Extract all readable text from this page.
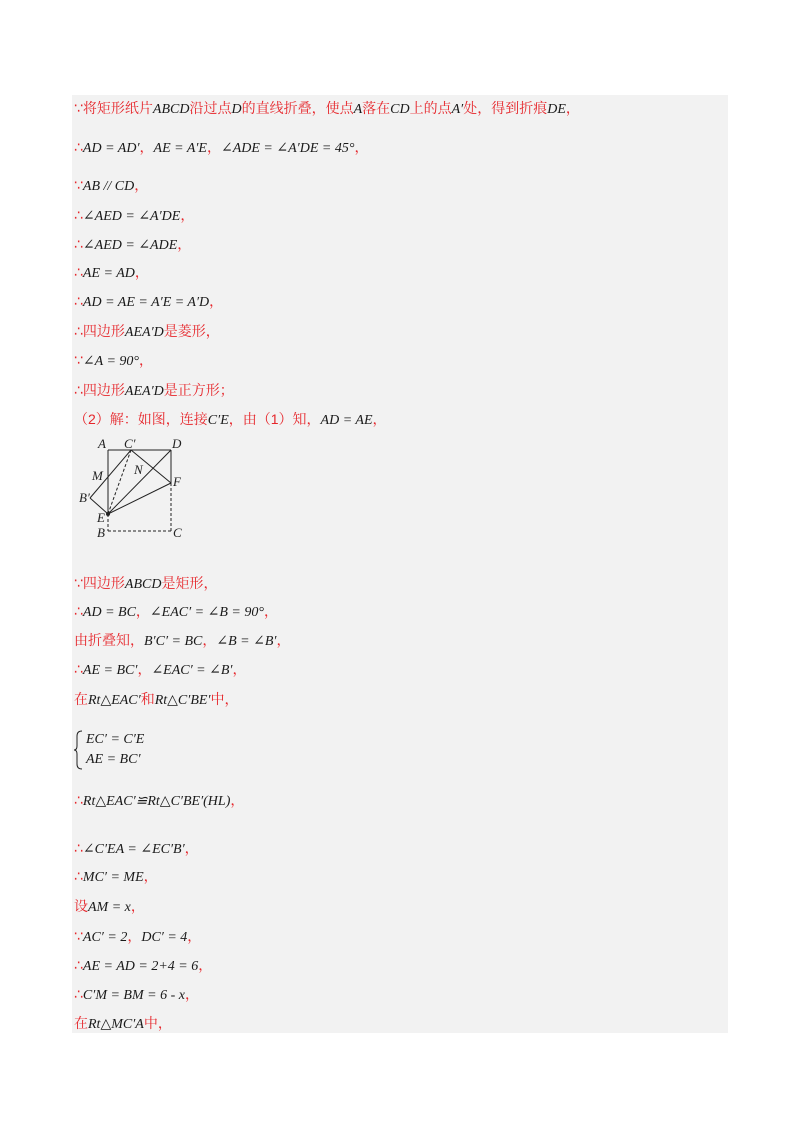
∵将矩形纸片ABCD沿过点D的直线折叠，使点A落在CD上的点A′处，得到折痕DE，
∴AD = AD′，AE = A′E，∠ADE = ∠A′DE = 45°，
∵AB // CD，
∴∠AED = ∠A′DE，
∴∠AED = ∠ADE，
∴AE = AD，
∴AD = AE = A′E = A′D，
∴四边形AEA′D是菱形，
∵∠A = 90°，
∴四边形AEA′D是正方形；
（2）解：如图，连接C′E，由（1）知，AD = AE，
∵四边形ABCD是矩形，
∴AD = BC，∠EAC′ = ∠B = 90°，
由折叠知，B′C′ = BC，∠B = ∠B′，
∴AE = BC′，∠EAC′ = ∠B′，
在Rt△EAC′和Rt△C′BE′中，
∴Rt△EAC′≌Rt△C′BE′(HL)，
∴∠C′EA = ∠EC′B′，
∴MC′ = ME，
设AM = x，
∵AC′ = 2，DC′ = 4，
∴AE = AD = 2+4 = 6，
∴C′M = BM = 6 - x，
在Rt△MC′A中，
A C′	D
M N
B′
F
E
B	C
EC′ = C′E
AE = BC′
